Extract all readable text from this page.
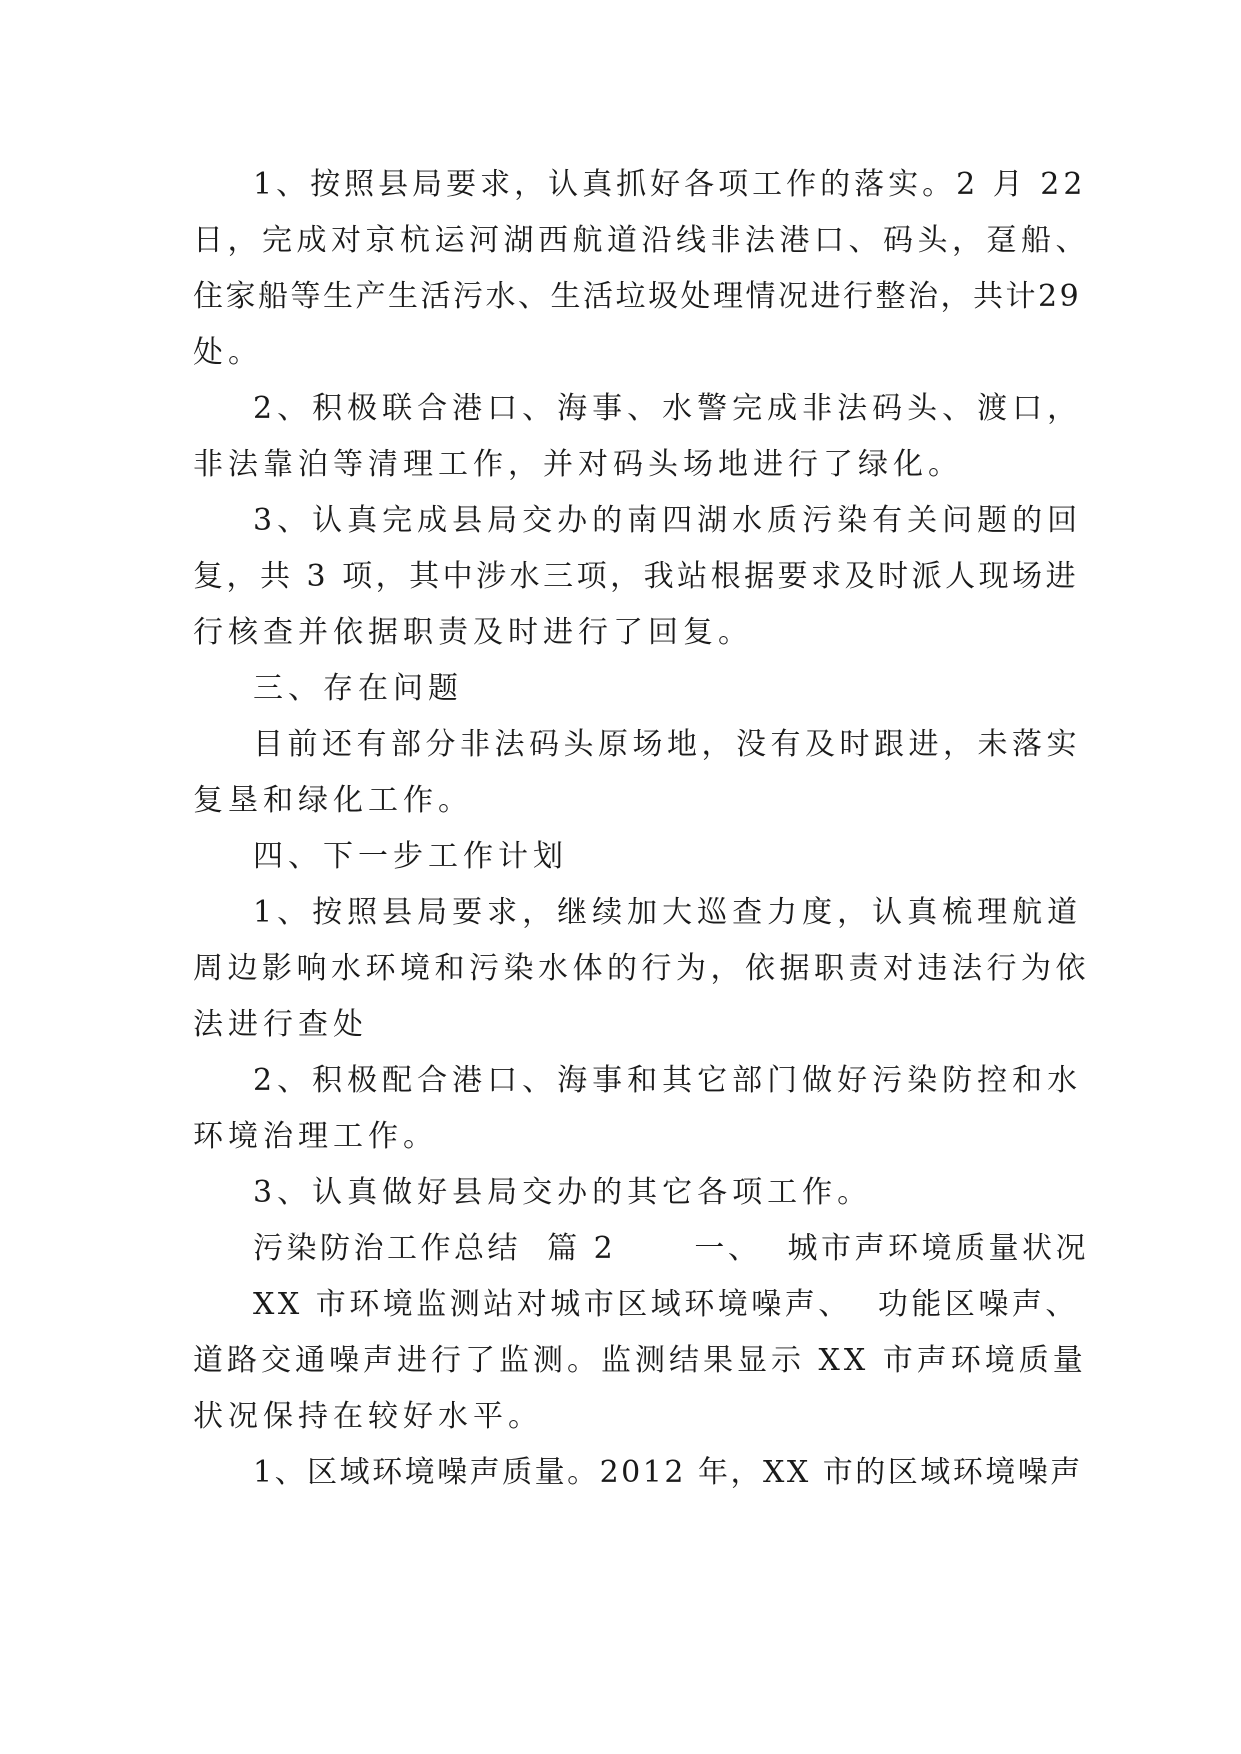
1、按照县局要求，认真抓好各项工作的落实。2 月 22
日，完成对京杭运河湖西航道沿线非法港口、码头，趸船、
住家船等生产生活污水、生活垃圾处理情况进行整治，共计29
处。
2、积极联合港口、海事、水警完成非法码头、渡口，
非法靠泊等清理工作，并对码头场地进行了绿化。
3、认真完成县局交办的南四湖水质污染有关问题的回
复，共 3 项，其中涉水三项，我站根据要求及时派人现场进
行核查并依据职责及时进行了回复。
三、存在问题
目前还有部分非法码头原场地，没有及时跟进，未落实
复垦和绿化工作。
四、下一步工作计划
1、按照县局要求，继续加大巡查力度，认真梳理航道
周边影响水环境和污染水体的行为，依据职责对违法行为依
法进行查处
2、积极配合港口、海事和其它部门做好污染防控和水
环境治理工作。
3、认真做好县局交办的其它各项工作。
污染防治工作总结  篇 2      一、  城市声环境质量状况
XX 市环境监测站对城市区域环境噪声、  功能区噪声、
道路交通噪声进行了监测。监测结果显示 XX 市声环境质量
状况保持在较好水平。
1、区域环境噪声质量。2012 年，XX 市的区域环境噪声
